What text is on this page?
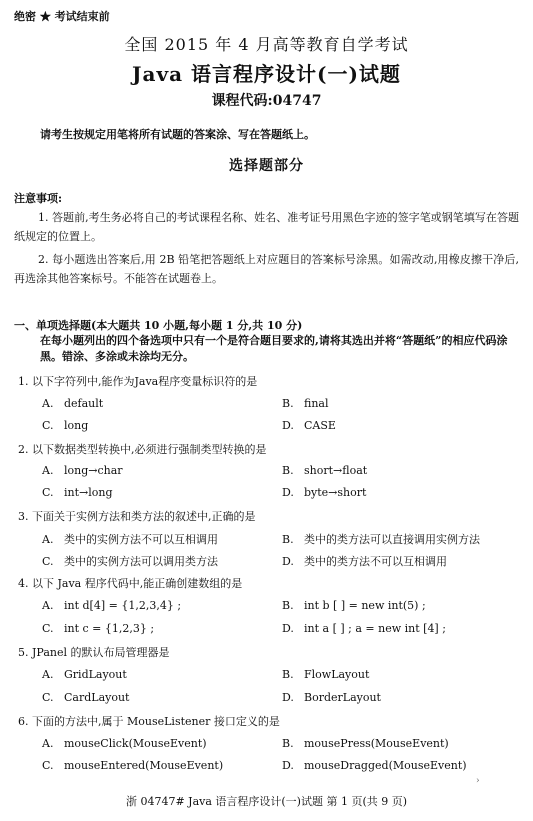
绝密 ★ 考试结束前
全国 2015 年 4 月高等教育自学考试
Java 语言程序设计(一)试题
课程代码:04747
请考生按规定用笔将所有试题的答案涂、写在答题纸上。
选择题部分
注意事项:
1. 答题前,考生务必将自己的考试课程名称、姓名、准考证号用黑色字迹的签字笔或钢笔填写在答题纸规定的位置上。
2. 每小题选出答案后,用 2B 铅笔把答题纸上对应题目的答案标号涂黑。如需改动,用橡皮擦干净后,再选涂其他答案标号。不能答在试题卷上。
一、单项选择题(本大题共 10 小题,每小题 1 分,共 10 分)
在每小题列出的四个备选项中只有一个是符合题目要求的,请将其选出并将“答题纸”的相应代码涂黑。错涂、多涂或未涂均无分。
1. 以下字符列中,能作为Java程序变量标识符的是
A. default	B. final
C. long	D. CASE
2. 以下数据类型转换中,必须进行强制类型转换的是
A. long→char	B. short→float
C. int→long	D. byte→short
3. 下面关于实例方法和类方法的叙述中,正确的是
A. 类中的实例方法不可以互相调用	B. 类中的类方法可以直接调用实例方法
C. 类中的实例方法可以调用类方法	D. 类中的类方法不可以互相调用
4. 以下 Java 程序代码中,能正确创建数组的是
A. int d[4] = {1,2,3,4} ;	B. int b [ ] = new int(5) ;
C. int c = {1,2,3} ;	D. int a [ ] ; a = new int [4] ;
5. JPanel 的默认布局管理器是
A. GridLayout	B. FlowLayout
C. CardLayout	D. BorderLayout
6. 下面的方法中,属于 MouseListener 接口定义的是
A. mouseClick(MouseEvent)	B. mousePress(MouseEvent)
C. mouseEntered(MouseEvent)	D. mouseDragged(MouseEvent)
›
浙 04747# Java 语言程序设计(一)试题 第 1 页(共 9 页)
